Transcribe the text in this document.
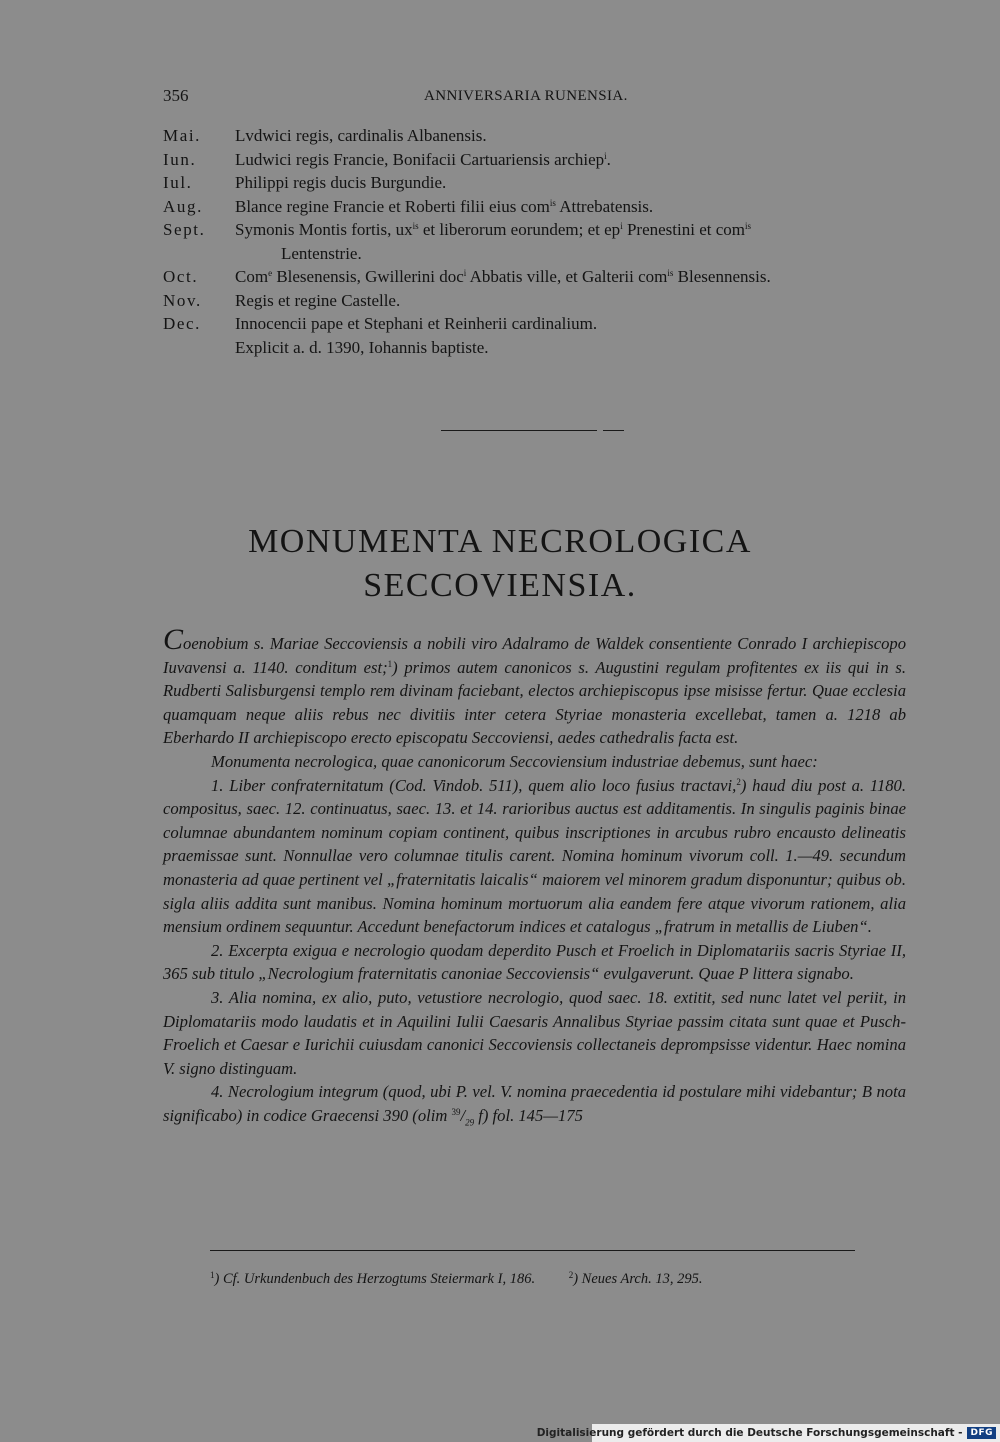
356	ANNIVERSARIA RUNENSIA.
Mai.	Lvdwici regis, cardinalis Albanensis.
Iun.	Ludwici regis Francie, Bonifacii Cartuariensis archiep$^i$.
Iul.	Philippi regis ducis Burgundie.
Aug.	Blance regine Francie et Roberti filii eius com$^{is}$ Attrebatensis.
Sept.	Symonis Montis fortis, $ux^{is}$ et liberorum eorundem; et $ep^i$ Prenestini et com$^{is}$
Lentenstrie.
Oct.	Com$^e$ Blesenensis, Gwillerini doc$^i$ Abbatis ville, et Galterii com$^{is}$ Blesennensis.
Nov.	Regis et regine Castelle.
Dec.	Innocencii pape et Stephani et Reinherii cardinalium.
Explicit a. d. 1390, Iohannis baptiste.
MONUMENTA NECROLOGICA
SECCOVIENSIA.

Coenobium s. Mariae Seccoviensis a nobili viro Adalramo de Waldek consentiente Conrado I archiepiscopo Iuvavensi a. 1140. conditum est;$^1$) primos autem canonicos s. Augustini regulam profitentes ex iis qui in s. Rudberti Salisburgensi templo rem divinam faciebant, electos archiepiscopus ipse misisse fertur. Quae ecclesia quamquam neque aliis rebus nec divitiis inter cetera Styriae monasteria excellebat, tamen a. 1218 ab Eberhardo II archiepiscopo erecto episcopatu Seccoviensi, aedes cathedralis facta est.

Monumenta necrologica, quae canonicorum Seccoviensium industriae debemus, sunt haec:

1. Liber confraternitatum (Cod. Vindob. 511), quem alio loco fusius tractavi,$^2$) haud diu post a. 1180. compositus, saec. 12. continuatus, saec. 13. et 14. rarioribus auctus est additamentis. In singulis paginis binae columnae abundantem nominum copiam continent, quibus inscriptiones in arcubus rubro encausto delineatis praemissae sunt. Nonnullae vero columnae titulis carent. Nomina hominum vivorum coll. 1.—49. secundum monasteria ad quae pertinent vel „fraternitatis laicalis“ maiorem vel minorem gradum disponuntur; quibus ob. sigla aliis addita sunt manibus. Nomina hominum mortuorum alia eandem fere atque vivorum rationem, alia mensium ordinem sequuntur. Accedunt benefactorum indices et catalogus „fratrum in metallis de Liuben“.

2. Excerpta exigua e necrologio quodam deperdito Pusch et Froelich in Diplomatariis sacris Styriae II, 365 sub titulo „Necrologium fraternitatis canoniae Seccoviensis“ evulgaverunt. Quae P littera signabo.

3. Alia nomina, ex alio, puto, vetustiore necrologio, quod saec. 18. extitit, sed nunc latet vel periit, in Diplomatariis modo laudatis et in Aquilini Iulii Caesaris Annalibus Styriae passim citata sunt quae et Pusch-Froelich et Caesar e Iurichii cuiusdam canonici Seccoviensis collectaneis deprompsisse videntur. Haec nomina V. signo distinguam.

4. Necrologium integrum (quod, ubi P. vel. V. nomina praecedentia id postulare mihi videbantur; B nota significabo) in codice Graecensi 390 (olim $^{39}/_{29}$ f) fol. 145—175

$^1$) Cf. Urkundenbuch des Herzogtums Steiermark I, 186.	$^2$) Neues Arch. 13, 295.
Digitalisierung gefördert durch die Deutsche Forschungsgemeinschaft - DFG
